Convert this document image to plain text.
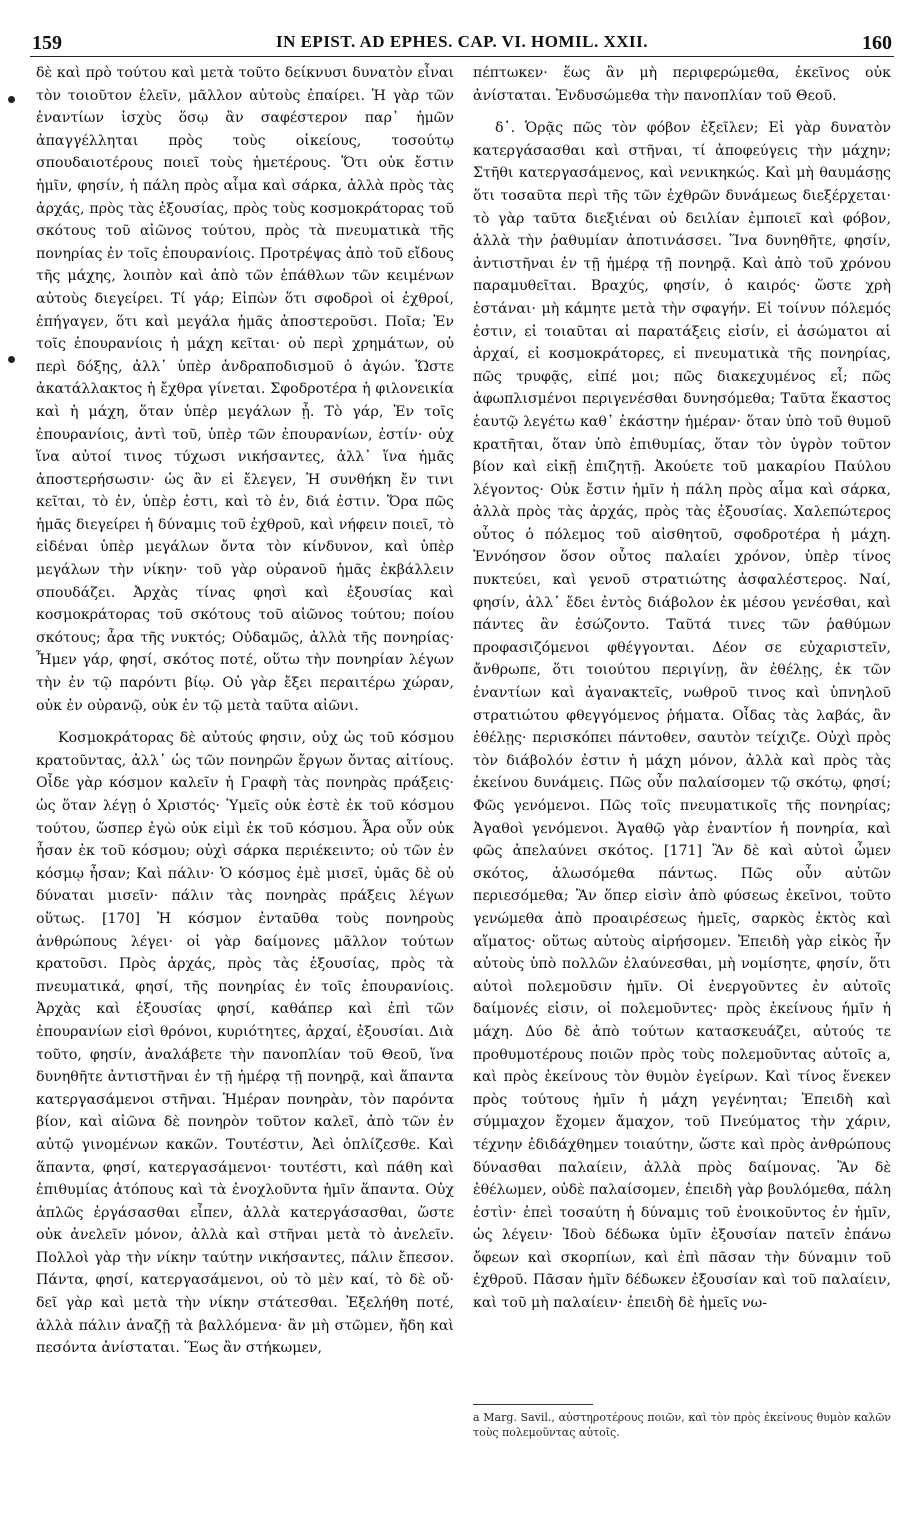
159	IN EPIST. AD EPHES. CAP. VI. HOMIL. XXII.	160

δὲ καὶ πρὸ τούτου καὶ μετὰ τοῦτο δείκνυσι δυνατὸν εἶναι τὸν τοιοῦτον ἑλεῖν, μᾶλλον αὐτοὺς ἐπαίρει. Ἡ γὰρ τῶν ἐναντίων ἰσχὺς ὅσῳ ἂν σαφέστερον παρ᾽ ἡμῶν ἀπαγγέλληται πρὸς τοὺς οἰκείους, τοσούτῳ σπουδαιοτέρους ποιεῖ τοὺς ἡμετέρους. Ὅτι οὐκ ἔστιν ἡμῖν, φησίν, ἡ πάλη πρὸς αἷμα καὶ σάρκα, ἀλλὰ πρὸς τὰς ἀρχάς, πρὸς τὰς ἐξουσίας, πρὸς τοὺς κοσμοκράτορας τοῦ σκότους τοῦ αἰῶνος τούτου, πρὸς τὰ πνευματικὰ τῆς πονηρίας ἐν τοῖς ἐπουρανίοις. Προτρέψας ἀπὸ τοῦ εἴδους τῆς μάχης, λοιπὸν καὶ ἀπὸ τῶν ἐπάθλων τῶν κειμένων αὐτοὺς διεγείρει. Τί γάρ; Εἰπὼν ὅτι σφοδροὶ οἱ ἐχθροί, ἐπήγαγεν, ὅτι καὶ μεγάλα ἡμᾶς ἀποστεροῦσι. Ποῖα; Ἐν τοῖς ἐπουρανίοις ἡ μάχη κεῖται· οὐ περὶ χρημάτων, οὐ περὶ δόξης, ἀλλ᾽ ὑπὲρ ἀνδραποδισμοῦ ὁ ἀγών. Ὥστε ἀκατάλλακτος ἡ ἔχθρα γίνεται. Σφοδροτέρα ἡ φιλονεικία καὶ ἡ μάχη, ὅταν ὑπὲρ μεγάλων ᾖ. Τὸ γάρ, Ἐν τοῖς ἐπουρανίοις, ἀντὶ τοῦ, ὑπὲρ τῶν ἐπουρανίων, ἐστίν· οὐχ ἵνα αὐτοί τινος τύχωσι νικήσαντες, ἀλλ᾽ ἵνα ἡμᾶς ἀποστερήσωσιν· ὡς ἂν εἰ ἔλεγεν, Ἡ συνθήκη ἔν τινι κεῖται, τὸ ἐν, ὑπὲρ ἐστι, καὶ τὸ ἐν, διά ἐστιν. Ὅρα πῶς ἡμᾶς διεγείρει ἡ δύναμις τοῦ ἐχθροῦ, καὶ νήφειν ποιεῖ, τὸ εἰδέναι ὑπὲρ μεγάλων ὄντα τὸν κίνδυνον, καὶ ὑπὲρ μεγάλων τὴν νίκην· τοῦ γὰρ οὐρανοῦ ἡμᾶς ἐκβάλλειν σπουδάζει. Ἀρχὰς τίνας φησὶ καὶ ἐξουσίας καὶ κοσμοκράτορας τοῦ σκότους τοῦ αἰῶνος τούτου; ποίου σκότους; ἆρα τῆς νυκτός; Οὐδαμῶς, ἀλλὰ τῆς πονηρίας· Ἦμεν γάρ, φησί, σκότος ποτέ, οὕτω τὴν πονηρίαν λέγων τὴν ἐν τῷ παρόντι βίῳ. Οὐ γὰρ ἔξει περαιτέρω χώραν, οὐκ ἐν οὐρανῷ, οὐκ ἐν τῷ μετὰ ταῦτα αἰῶνι.

Κοσμοκράτορας δὲ αὐτούς φησιν, οὐχ ὡς τοῦ κόσμου κρατοῦντας, ἀλλ᾽ ὡς τῶν πονηρῶν ἔργων ὄντας αἰτίους. Οἶδε γὰρ κόσμον καλεῖν ἡ Γραφὴ τὰς πονηρὰς πράξεις· ὡς ὅταν λέγῃ ὁ Χριστός· Ὑμεῖς οὐκ ἐστὲ ἐκ τοῦ κόσμου τούτου, ὥσπερ ἐγὼ οὐκ εἰμὶ ἐκ τοῦ κόσμου. Ἆρα οὖν οὐκ ἦσαν ἐκ τοῦ κόσμου; οὐχὶ σάρκα περιέκειντο; οὐ τῶν ἐν κόσμῳ ἦσαν; Καὶ πάλιν· Ὁ κόσμος ἐμὲ μισεῖ, ὑμᾶς δὲ οὐ δύναται μισεῖν· πάλιν τὰς πονηρὰς πράξεις λέγων οὕτως. [170] Ἡ κόσμον ἐνταῦθα τοὺς πονηροὺς ἀνθρώπους λέγει· οἱ γὰρ δαίμονες μᾶλλον τούτων κρατοῦσι. Πρὸς ἀρχάς, πρὸς τὰς ἐξουσίας, πρὸς τὰ πνευματικά, φησί, τῆς πονηρίας ἐν τοῖς ἐπουρανίοις. Ἀρχὰς καὶ ἐξουσίας φησί, καθάπερ καὶ ἐπὶ τῶν ἐπουρανίων εἰσὶ θρόνοι, κυριότητες, ἀρχαί, ἐξουσίαι. Διὰ τοῦτο, φησίν, ἀναλάβετε τὴν πανοπλίαν τοῦ Θεοῦ, ἵνα δυνηθῆτε ἀντιστῆναι ἐν τῇ ἡμέρᾳ τῇ πονηρᾷ, καὶ ἅπαντα κατεργασάμενοι στῆναι. Ἡμέραν πονηρὰν, τὸν παρόντα βίον, καὶ αἰῶνα δὲ πονηρὸν τοῦτον καλεῖ, ἀπὸ τῶν ἐν αὐτῷ γινομένων κακῶν. Τουτέστιν, Ἀεὶ ὁπλίζεσθε. Καὶ ἅπαντα, φησί, κατεργασάμενοι· τουτέστι, καὶ πάθη καὶ ἐπιθυμίας ἀτόπους καὶ τὰ ἐνοχλοῦντα ἡμῖν ἅπαντα. Οὐχ ἁπλῶς ἐργάσασθαι εἶπεν, ἀλλὰ κατεργάσασθαι, ὥστε οὐκ ἀνελεῖν μόνον, ἀλλὰ καὶ στῆναι μετὰ τὸ ἀνελεῖν. Πολλοὶ γὰρ τὴν νίκην ταύτην νικήσαντες, πάλιν ἔπεσον. Πάντα, φησί, κατεργασάμενοι, οὐ τὸ μὲν καί, τὸ δὲ οὔ· δεῖ γὰρ καὶ μετὰ τὴν νίκην στάτεσθαι. Ἐξελήθη ποτέ, ἀλλὰ πάλιν ἀναζῇ τὰ βαλλόμενα· ἂν μὴ στῶμεν, ἤδη καὶ πεσόντα ἀνίσταται. Ἕως ἂν στήκωμεν,

πέπτωκεν· ἕως ἂν μὴ περιφερώμεθα, ἐκεῖνος οὐκ ἀνίσταται. Ἐνδυσώμεθα τὴν πανοπλίαν τοῦ Θεοῦ.

δ᾽. Ὁρᾷς πῶς τὸν φόβον ἐξεῖλεν; Εἰ γὰρ δυνατὸν κατεργάσασθαι καὶ στῆναι, τί ἀποφεύγεις τὴν μάχην; Στῆθι κατεργασάμενος, καὶ νενικηκώς. Καὶ μὴ θαυμάσῃς ὅτι τοσαῦτα περὶ τῆς τῶν ἐχθρῶν δυνάμεως διεξέρχεται· τὸ γὰρ ταῦτα διεξιέναι οὐ δειλίαν ἐμποιεῖ καὶ φόβον, ἀλλὰ τὴν ῥαθυμίαν ἀποτινάσσει. Ἵνα δυνηθῆτε, φησίν, ἀντιστῆναι ἐν τῇ ἡμέρᾳ τῇ πονηρᾷ. Καὶ ἀπὸ τοῦ χρόνου παραμυθεῖται. Βραχύς, φησίν, ὁ καιρός· ὥστε χρὴ ἑστάναι· μὴ κάμητε μετὰ τὴν σφαγήν. Εἰ τοίνυν πόλεμός ἐστιν, εἰ τοιαῦται αἱ παρατάξεις εἰσίν, εἰ ἀσώματοι αἱ ἀρχαί, εἰ κοσμοκράτορες, εἰ πνευματικὰ τῆς πονηρίας, πῶς τρυφᾷς, εἰπέ μοι; πῶς διακεχυμένος εἶ; πῶς ἀφωπλισμένοι περιγενέσθαι δυνησόμεθα; Ταῦτα ἕκαστος ἑαυτῷ λεγέτω καθ᾽ ἑκάστην ἡμέραν· ὅταν ὑπὸ τοῦ θυμοῦ κρατῆται, ὅταν ὑπὸ ἐπιθυμίας, ὅταν τὸν ὑγρὸν τοῦτον βίον καὶ εἰκῇ ἐπιζητῇ. Ἀκούετε τοῦ μακαρίου Παύλου λέγοντος· Οὐκ ἔστιν ἡμῖν ἡ πάλη πρὸς αἷμα καὶ σάρκα, ἀλλὰ πρὸς τὰς ἀρχάς, πρὸς τὰς ἐξουσίας. Χαλεπώτερος οὗτος ὁ πόλεμος τοῦ αἰσθητοῦ, σφοδροτέρα ἡ μάχη. Ἐννόησον ὅσον οὗτος παλαίει χρόνον, ὑπὲρ τίνος πυκτεύει, καὶ γενοῦ στρατιώτης ἀσφαλέστερος. Ναί, φησίν, ἀλλ᾽ ἔδει ἐντὸς διάβολον ἐκ μέσου γενέσθαι, καὶ πάντες ἂν ἐσώζοντο. Ταῦτά τινες τῶν ῥαθύμων προφασιζόμενοι φθέγγονται. Δέον σε εὐχαριστεῖν, ἄνθρωπε, ὅτι τοιούτου περιγίνῃ, ἂν ἐθέλῃς, ἐκ τῶν ἐναντίων καὶ ἀγανακτεῖς, νωθροῦ τινος καὶ ὑπνηλοῦ στρατιώτου φθεγγόμενος ῥήματα. Οἶδας τὰς λαβάς, ἂν ἐθέλῃς· περισκόπει πάντοθεν, σαυτὸν τείχιζε. Οὐχὶ πρὸς τὸν διάβολόν ἐστιν ἡ μάχη μόνον, ἀλλὰ καὶ πρὸς τὰς ἐκείνου δυνάμεις. Πῶς οὖν παλαίσομεν τῷ σκότῳ, φησί; Φῶς γενόμενοι. Πῶς τοῖς πνευματικοῖς τῆς πονηρίας; Ἀγαθοὶ γενόμενοι. Ἀγαθῷ γὰρ ἐναντίον ἡ πονηρία, καὶ φῶς ἀπελαύνει σκότος. [171] Ἂν δὲ καὶ αὐτοὶ ὦμεν σκότος, ἁλωσόμεθα πάντως. Πῶς οὖν αὐτῶν περιεσόμεθα; Ἂν ὅπερ εἰσὶν ἀπὸ φύσεως ἐκεῖνοι, τοῦτο γενώμεθα ἀπὸ προαιρέσεως ἡμεῖς, σαρκὸς ἐκτὸς καὶ αἵματος· οὕτως αὐτοὺς αἱρήσομεν. Ἐπειδὴ γὰρ εἰκὸς ἦν αὐτοὺς ὑπὸ πολλῶν ἐλαύνεσθαι, μὴ νομίσητε, φησίν, ὅτι αὐτοὶ πολεμοῦσιν ἡμῖν. Οἱ ἐνεργοῦντες ἐν αὐτοῖς δαίμονές εἰσιν, οἱ πολεμοῦντες· πρὸς ἐκείνους ἡμῖν ἡ μάχη. Δύο δὲ ἀπὸ τούτων κατασκευάζει, αὐτούς τε προθυμοτέρους ποιῶν πρὸς τοὺς πολεμοῦντας αὐτοῖς a, καὶ πρὸς ἐκείνους τὸν θυμὸν ἐγείρων. Καὶ τίνος ἕνεκεν πρὸς τούτους ἡμῖν ἡ μάχη γεγένηται; Ἐπειδὴ καὶ σύμμαχον ἔχομεν ἄμαχον, τοῦ Πνεύματος τὴν χάριν, τέχνην ἐδιδάχθημεν τοιαύτην, ὥστε καὶ πρὸς ἀνθρώπους δύνασθαι παλαίειν, ἀλλὰ πρὸς δαίμονας. Ἂν δὲ ἐθέλωμεν, οὐδὲ παλαίσομεν, ἐπειδὴ γὰρ βουλόμεθα, πάλη ἐστὶν· ἐπεὶ τοσαύτη ἡ δύναμις τοῦ ἐνοικοῦντος ἐν ἡμῖν, ὡς λέγειν· Ἰδοὺ δέδωκα ὑμῖν ἐξουσίαν πατεῖν ἐπάνω ὄφεων καὶ σκορπίων, καὶ ἐπὶ πᾶσαν τὴν δύναμιν τοῦ ἐχθροῦ. Πᾶσαν ἡμῖν δέδωκεν ἐξουσίαν καὶ τοῦ παλαίειν, καὶ τοῦ μὴ παλαίειν· ἐπειδὴ δὲ ἡμεῖς νω-

a Marg. Savil., αὐστηροτέρους ποιῶν, καὶ τὸν πρὸς ἐκείνους θυμὸν καλῶν τοὺς πολεμοῦντας αὐτοῖς.
